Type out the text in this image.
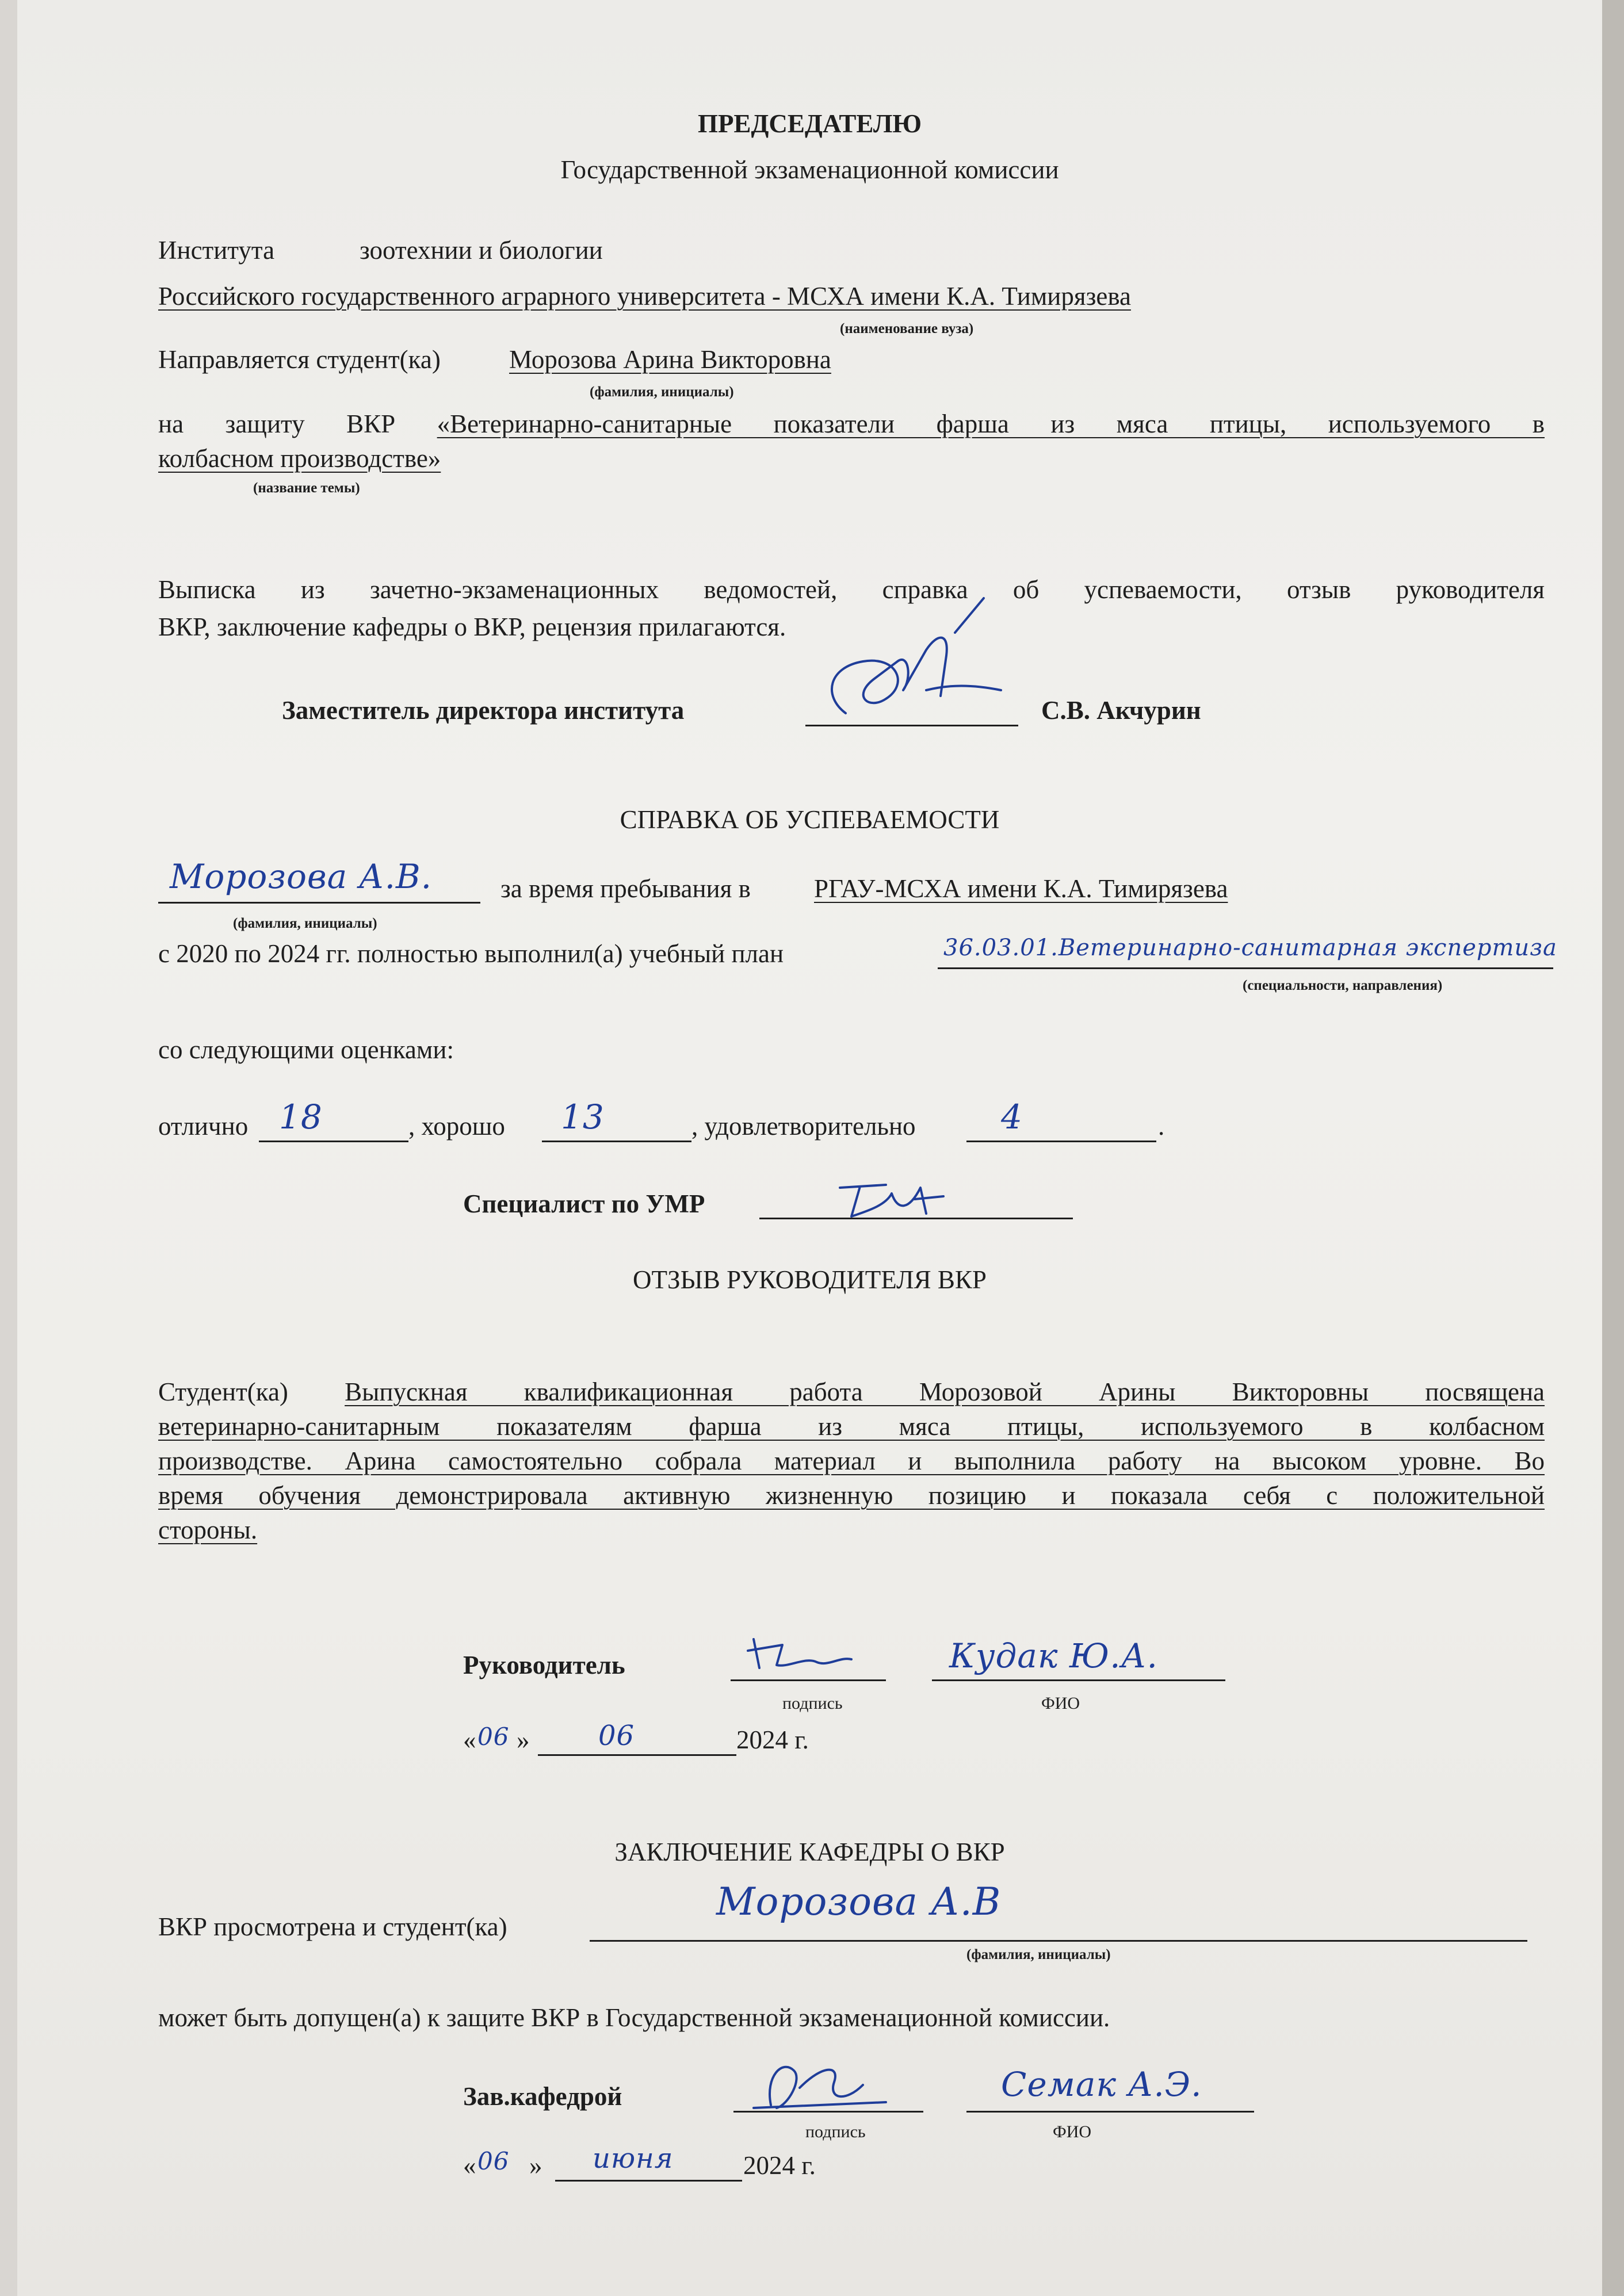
ПРЕДСЕДАТЕЛЮ
Государственной экзаменационной комиссии
Института	зоотехнии и биологии
Российского государственного аграрного университета - МСХА имени К.А. Тимирязева
(наименование вуза)
Направляется студент(ка)	Морозова Арина Викторовна
(фамилия, инициалы)
на защиту ВКР «Ветеринарно-санитарные показатели фарша из мяса птицы, используемого в
колбасном производстве»
(название темы)
Выписка из зачетно-экзаменационных ведомостей, справка об успеваемости, отзыв руководителя
ВКР, заключение кафедры о ВКР, рецензия прилагаются.
Заместитель директора института	С.В. Акчурин
СПРАВКА ОБ УСПЕВАЕМОСТИ
Морозова А.В.	за время пребывания в РГАУ-МСХА имени К.А. Тимирязева
(фамилия, инициалы)
с 2020 по 2024 гг. полностью выполнил(а) учебный план	36.03.01.Ветеринарно-санитарная экспертиза
(специальности, направления)
со следующими оценками:
отлично 18	, хорошо 13	, удовлетворительно	4	.
Специалист по УМР
ОТЗЫВ РУКОВОДИТЕЛЯ ВКР
Студент(ка) Выпускная квалификационная работа Морозовой Арины Викторовны посвящена
ветеринарно-санитарным показателям фарша из мяса птицы, используемого в колбасном
производстве. Арина самостоятельно собрала материал и выполнила работу на высоком уровне. Во
время обучения демонстрировала активную жизненную позицию и показала себя с положительной
стороны.
Руководитель
подпись
Кудак Ю.А.
ФИО
« 06 » 06	2024 г.
ЗАКЛЮЧЕНИЕ КАФЕДРЫ О ВКР
ВКР просмотрена и студент(ка)
Морозова А.В
(фамилия, инициалы)
может быть допущен(а) к защите ВКР в Государственной экзаменационной комиссии.
Зав.кафедрой
подпись
Семак А.Э.
ФИО
« 06 » июня	2024 г.
